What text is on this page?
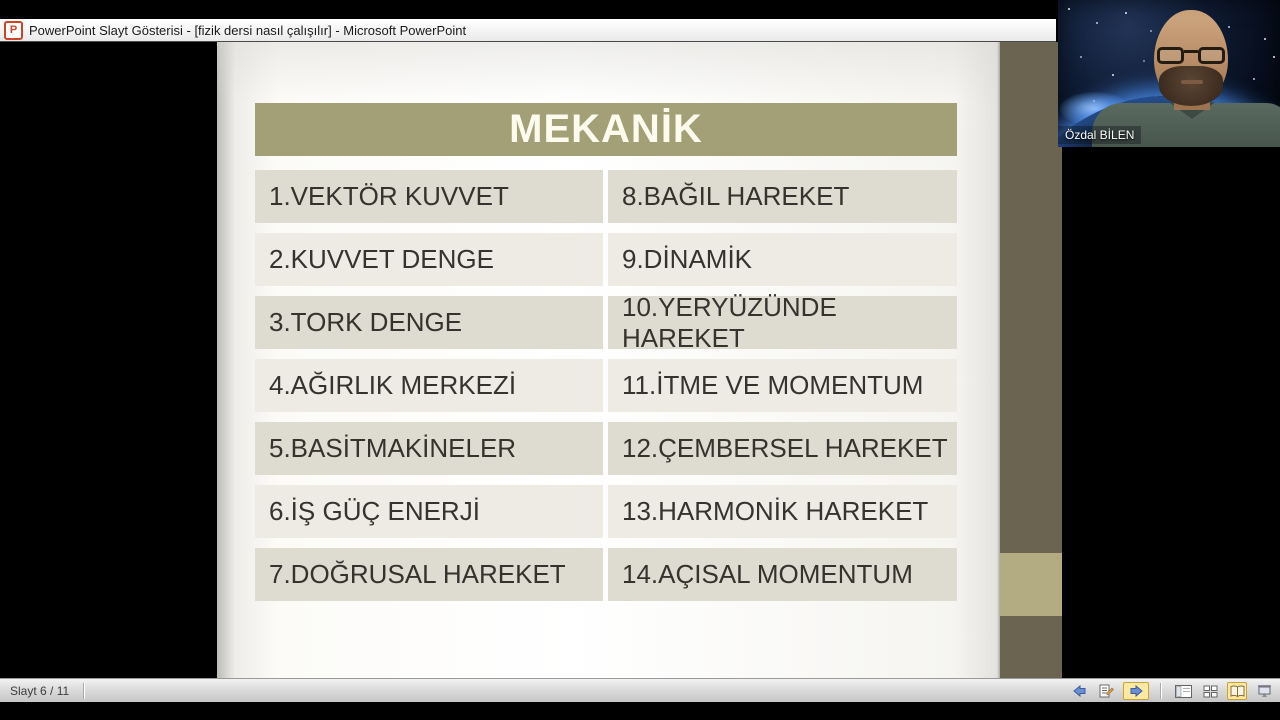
P PowerPoint Slayt Gösterisi - [fizik dersi nasıl çalışılır] - Microsoft PowerPoint
MEKANİK
1.VEKTÖR KUVVET
2.KUVVET DENGE
3.TORK DENGE
4.AĞIRLIK MERKEZİ
5.BASİTMAKİNELER
6.İŞ GÜÇ ENERJİ
7.DOĞRUSAL HAREKET
8.BAĞIL HAREKET
9.DİNAMİK
10.YERYÜZÜNDE HAREKET
11.İTME VE MOMENTUM
12.ÇEMBERSEL HAREKET
13.HARMONİK HAREKET
14.AÇISAL MOMENTUM
Özdal BİLEN
Slayt 6 / 11
